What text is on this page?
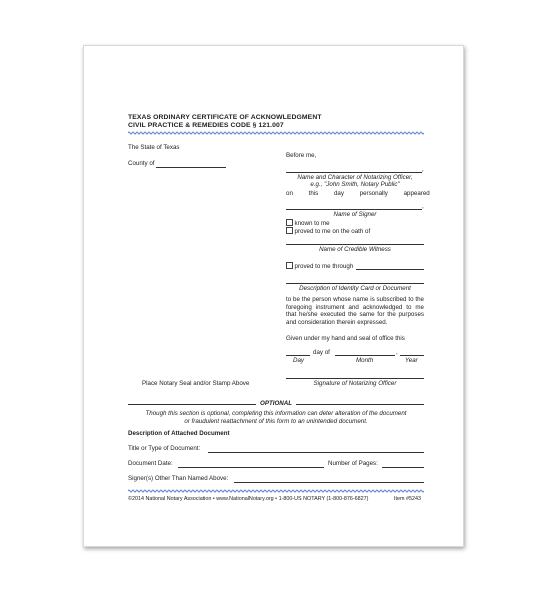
TEXAS ORDINARY CERTIFICATE OF ACKNOWLEDGMENT
CIVIL PRACTICE & REMEDIES CODE § 121.007
The State of Texas
County of
Place Notary Seal and/or Stamp Above
Before me,
,
Name and Character of Notarizing Officer,
e.g., "John Smith, Notary Public"
on this day personally appeared
,
Name of Signer
known to me
proved to me on the oath of
Name of Credible Witness
proved to me through
Description of Identity Card or Document
to be the person whose name is subscribed to the foregoing instrument and acknowledged to me that he/she executed the same for the purposes and consideration therein expressed.
Given under my hand and seal of office this
day of	,
Day	Month	Year
Signature of Notarizing Officer
OPTIONAL
Though this section is optional, completing this information can deter alteration of the document
or fraudulent reattachment of this form to an unintended document.
Description of Attached Document
Title or Type of Document:
Document Date:	Number of Pages:
Signer(s) Other Than Named Above:
©2014 National Notary Association • www.NationalNotary.org • 1-800-US NOTARY (1-800-876-6827)	Item #5243
